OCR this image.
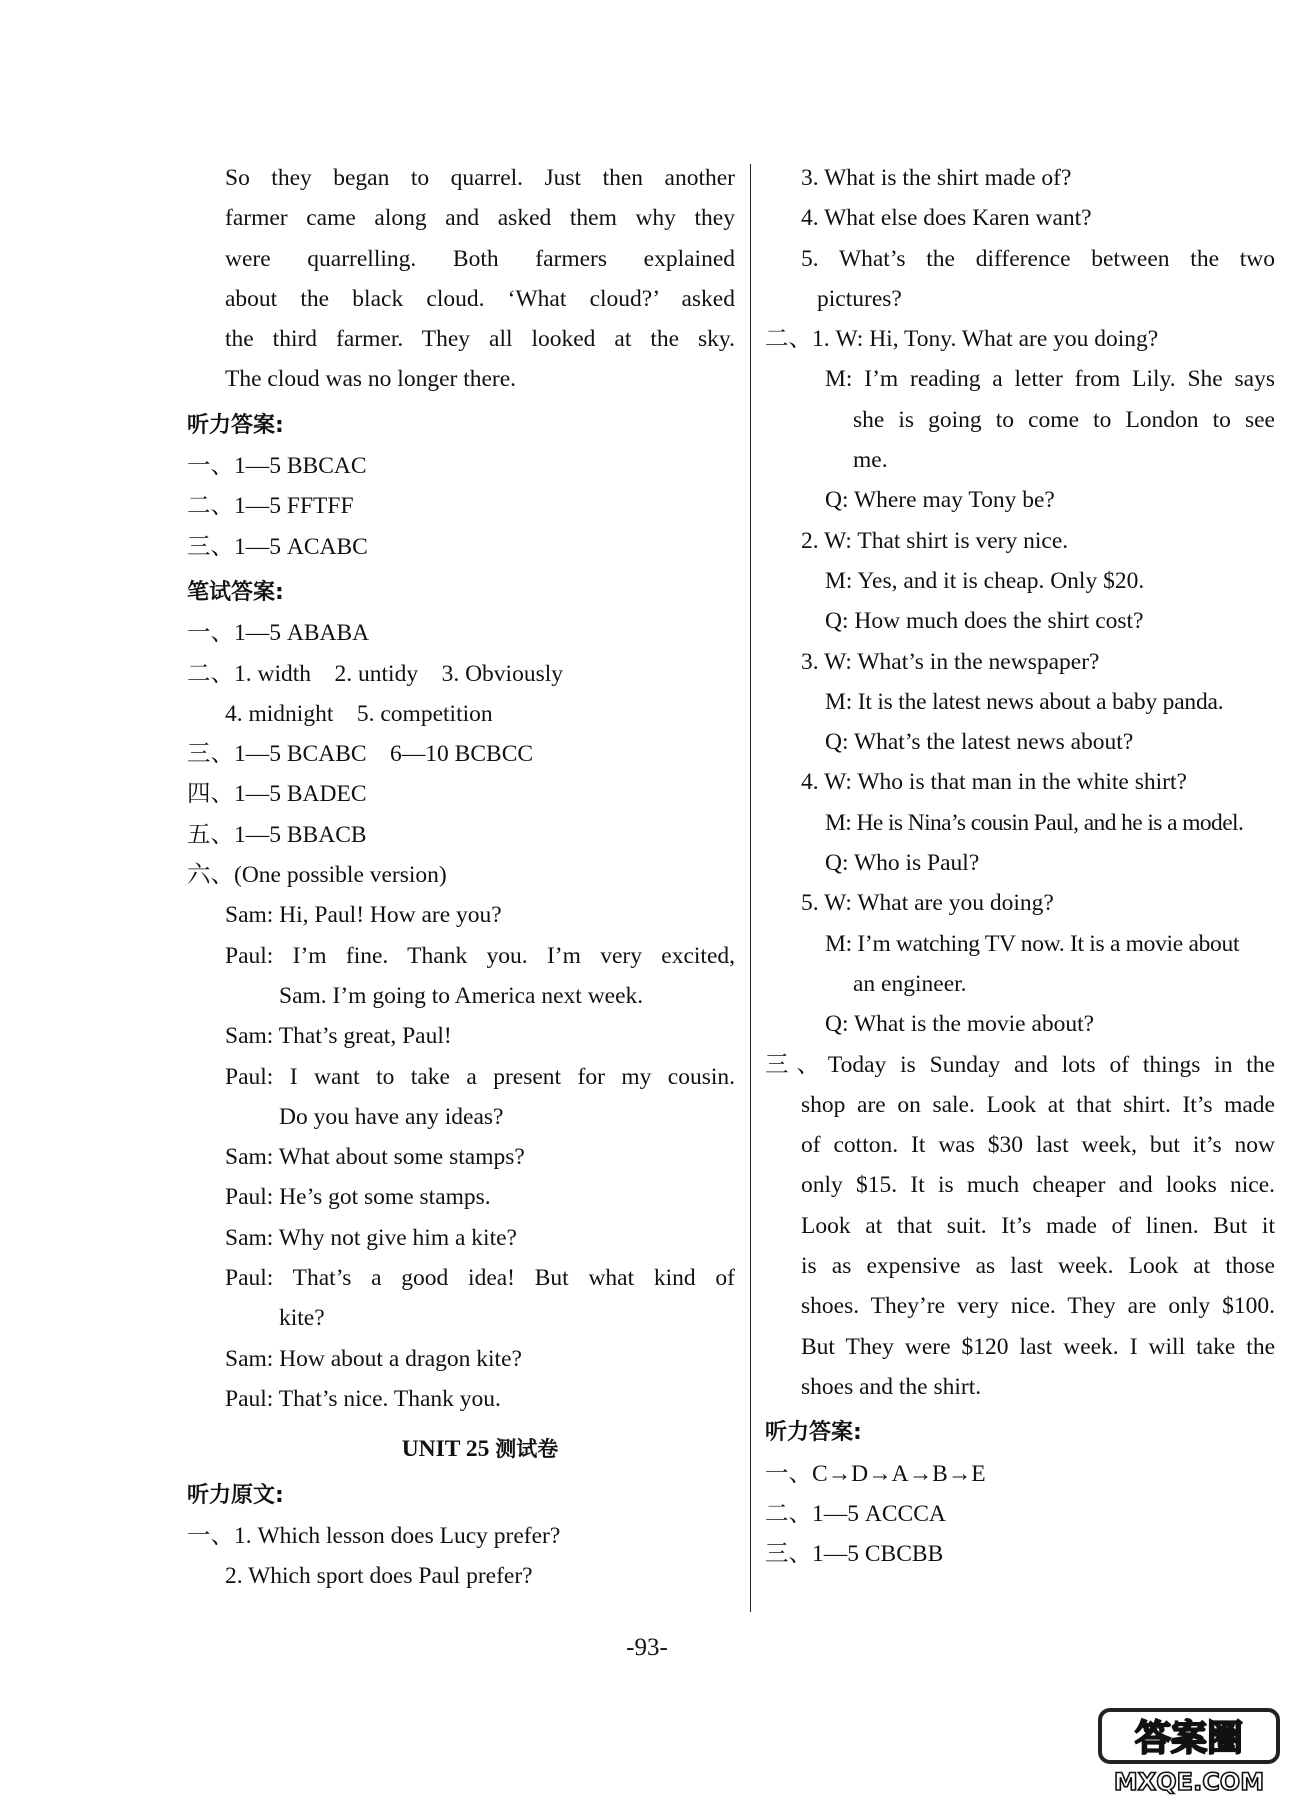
So they began to quarrel. Just then another
farmer came along and asked them why they
were quarrelling. Both farmers explained
about the black cloud. ‘What cloud?’ asked
the third farmer. They all looked at the sky.
The cloud was no longer there.
听力答案:
一、1—5 BBCAC
二、1—5 FFTFF
三、1—5 ACABC
笔试答案:
一、1—5 ABABA
二、1. width    2. untidy    3. Obviously
4. midnight    5. competition
三、1—5 BCABC    6—10 BCBCC
四、1—5 BADEC
五、1—5 BBACB
六、(One possible version)
Sam: Hi, Paul! How are you?
Paul: I’m fine. Thank you. I’m very excited,
Sam. I’m going to America next week.
Sam: That’s great, Paul!
Paul: I want to take a present for my cousin.
Do you have any ideas?
Sam: What about some stamps?
Paul: He’s got some stamps.
Sam: Why not give him a kite?
Paul: That’s a good idea! But what kind of
kite?
Sam: How about a dragon kite?
Paul: That’s nice. Thank you.
UNIT 25 测试卷
听力原文:
一、1. Which lesson does Lucy prefer?
2. Which sport does Paul prefer?
3. What is the shirt made of?
4. What else does Karen want?
5. What’s the difference between the two
pictures?
二、1. W: Hi, Tony. What are you doing?
M: I’m reading a letter from Lily. She says
she is going to come to London to see
me.
Q: Where may Tony be?
2. W: That shirt is very nice.
M: Yes, and it is cheap. Only $20.
Q: How much does the shirt cost?
3. W: What’s in the newspaper?
M: It is the latest news about a baby panda.
Q: What’s the latest news about?
4. W: Who is that man in the white shirt?
M: He is Nina’s cousin Paul, and he is a model.
Q: Who is Paul?
5. W: What are you doing?
M: I’m watching TV now. It is a movie about
an engineer.
Q: What is the movie about?
三、Today is Sunday and lots of things in the
shop are on sale. Look at that shirt. It’s made
of cotton. It was $30 last week, but it’s now
only $15. It is much cheaper and looks nice.
Look at that suit. It’s made of linen. But it
is as expensive as last week. Look at those
shoes. They’re very nice. They are only $100.
But They were $120 last week. I will take the
shoes and the shirt.
听力答案:
一、C→D→A→B→E
二、1—5 ACCCA
三、1—5 CBCBB
-93-
答案圈
MXQE.COM
